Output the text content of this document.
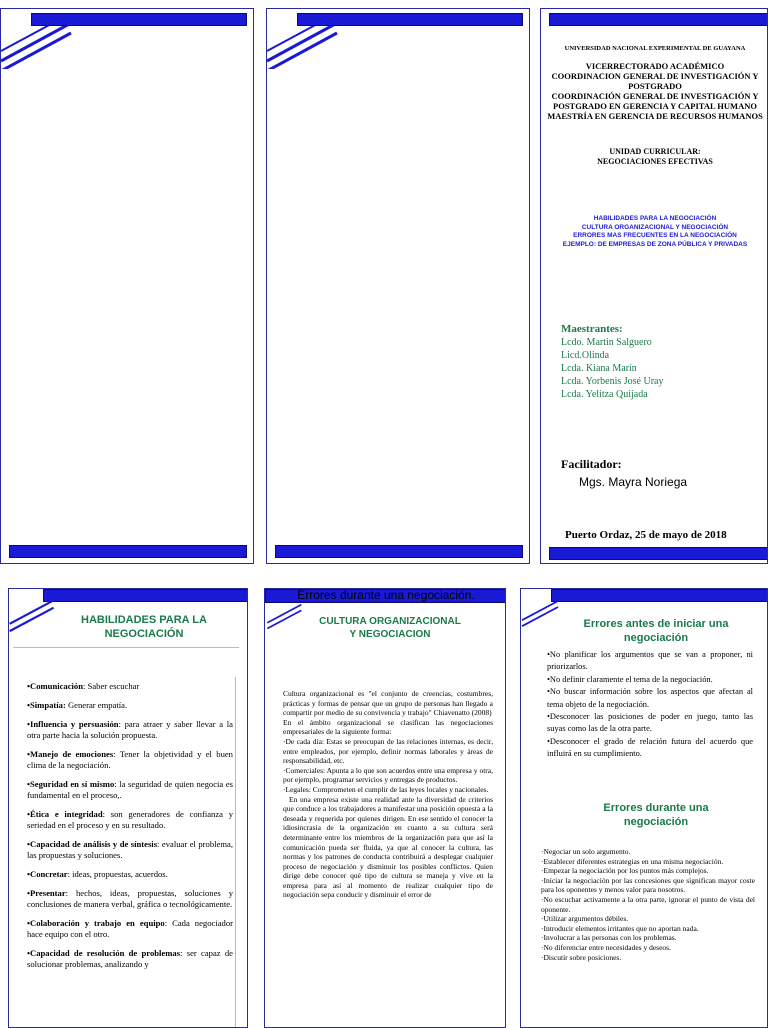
UNIVERSIDAD NACIONAL EXPERIMENTAL DE GUAYANA
VICERRECTORADO ACADÉMICO
COORDINACION GENERAL DE INVESTIGACIÓN Y
POSTGRADO
COORDINACIÓN GENERAL DE INVESTIGACIÓN Y
POSTGRADO EN GERENCIA Y CAPITAL HUMANO
MAESTRÍA EN GERENCIA DE RECURSOS HUMANOS
UNIDAD CURRICULAR:
NEGOCIACIONES EFECTIVAS
HABILIDADES PARA LA NEGOCIACIÓN
CULTURA ORGANIZACIONAL Y NEGOCIACIÓN
ERRORES MAS FRECUENTES EN LA NEGOCIACIÓN
EJEMPLO: DE EMPRESAS DE ZONA PÚBLICA Y PRIVADAS
Maestrantes:
Lcdo. Martin Salguero
Licd.Olinda
Lcda. Kiana Marín
Lcda. Yorbenis José Uray
Lcda. Yelitza Quijada
Facilitador:
Mgs. Mayra Noriega
Puerto Ordaz, 25 de mayo de 2018
HABILIDADES PARA LA
NEGOCIACIÓN

•Comunicación: Saber escuchar

•Simpatía: Generar empatía.

•Influencia y persuasión: para atraer y saber llevar a la otra parte hacia la solución propuesta.

•Manejo de emociones: Tener la objetividad y el buen clima de la negociación.

•Seguridad en sí mismo: la seguridad de quien negocia es fundamental en el proceso,.

•Ética e integridad: son generadores de confianza y seriedad en el proceso y en su resultado.

•Capacidad de análisis y de síntesis: evaluar el problema, las propuestas y soluciones.

•Concretar: ideas, propuestas, acuerdos.

•Presentar: hechos, ideas, propuestas, soluciones y conclusiones de manera verbal, gráfica o tecnológicamente.

•Colaboración y trabajo en equipo: Cada negociador hace equipo con el otro.

•Capacidad de resolución de problemas: ser capaz de solucionar problemas, analizando y

Errores durante una negociación.
CULTURA ORGANIZACIONAL
Y NEGOCIACION
Cultura organizacional es "el conjunto de creencias, costumbres, prácticas y formas de pensar que un grupo de personas han llegado a compartir por medio de su convivencia y trabajo" Chiavenatto (2008)
En el ámbito organizacional se clasifican las negociaciones empresariales de la siguiente forma:
·De cada día: Estas se preocupan de las relaciones internas, es decir, entre empleados, por ejemplo, definir normas laborales y áreas de responsabilidad, etc.
·Comerciales: Apunta a lo que son acuerdos entre una empresa y otra, por ejemplo, programar servicios y entregas de productos.
·Legales: Comprometen el cumplir de las leyes locales y nacionales.
En una empresa existe una realidad ante la diversidad de criterios que conduce a los trabajadores a manifestar una posición opuesta a la deseada y requerida por quienes dirigen. En ese sentido el conocer la idiosincrasia de la organización en cuanto a su cultura será determinante entre los miembros de la organización para que así la comunicación pueda ser fluida, ya que al conocer la cultura, las normas y los patrones de conducta contribuirá a desplegar cualquier proceso de negociación y disminuir los posibles conflictos. Quien dirige debe conocer qué tipo de cultura se maneja y vive en la empresa para así al momento de realizar cualquier tipo de negociación sepa conducir y disminuir el error de
Errores antes de iniciar una
negociación
•No planificar los argumentos que se van a proponer, ni priorizarlos.
•No definir claramente el tema de la negociación.
•No buscar información sobre los aspectos que afectan al tema objeto de la negociación.
•Desconocer las posiciones de poder en juego, tanto las suyas como las de la otra parte.
•Desconocer el grado de relación futura del acuerdo que influirá en su cumplimiento.
Errores durante una
negociación
·Negociar un solo argumento.
·Establecer diferentes estrategias en una misma negociación.
·Empezar la negociación por los puntos más complejos.
·Iniciar la negociación por las concesiones que significan mayor coste para los oponentes y menos valor para nosotros.
·No escuchar activamente a la otra parte, ignorar el punto de vista del oponente.
·Utilizar argumentos débiles.
·Introducir elementos irritantes que no aportan nada.
·Involucrar a las personas con los problemas.
·No diferenciar entre necesidades y deseos.
·Discutir sobre posiciones.
